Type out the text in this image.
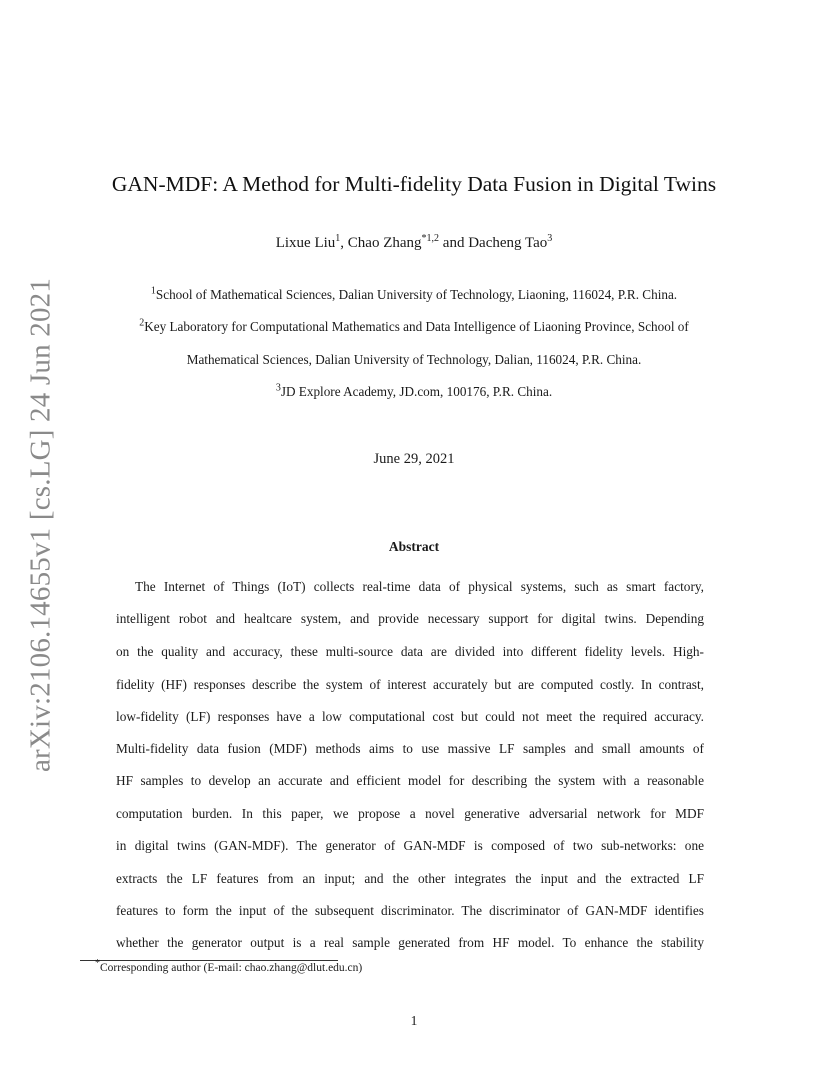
arXiv:2106.14655v1 [cs.LG] 24 Jun 2021
GAN-MDF: A Method for Multi-fidelity Data Fusion in Digital Twins
Lixue Liu$^1$, Chao Zhang$^{*1,2}$ and Dacheng Tao$^3$
$^1$School of Mathematical Sciences, Dalian University of Technology, Liaoning, 116024, P.R. China.
$^2$Key Laboratory for Computational Mathematics and Data Intelligence of Liaoning Province, School of
Mathematical Sciences, Dalian University of Technology, Dalian, 116024, P.R. China.
$^3$JD Explore Academy, JD.com, 100176, P.R. China.
June 29, 2021
Abstract
The Internet of Things (IoT) collects real-time data of physical systems, such as smart factory,
intelligent robot and healtcare system, and provide necessary support for digital twins. Depending
on the quality and accuracy, these multi-source data are divided into different fidelity levels. High-
fidelity (HF) responses describe the system of interest accurately but are computed costly. In contrast,
low-fidelity (LF) responses have a low computational cost but could not meet the required accuracy.
Multi-fidelity data fusion (MDF) methods aims to use massive LF samples and small amounts of
HF samples to develop an accurate and efficient model for describing the system with a reasonable
computation burden. In this paper, we propose a novel generative adversarial network for MDF
in digital twins (GAN-MDF). The generator of GAN-MDF is composed of two sub-networks: one
extracts the LF features from an input; and the other integrates the input and the extracted LF
features to form the input of the subsequent discriminator. The discriminator of GAN-MDF identifies
whether the generator output is a real sample generated from HF model. To enhance the stability
*Corresponding author (E-mail: chao.zhang@dlut.edu.cn)
1
